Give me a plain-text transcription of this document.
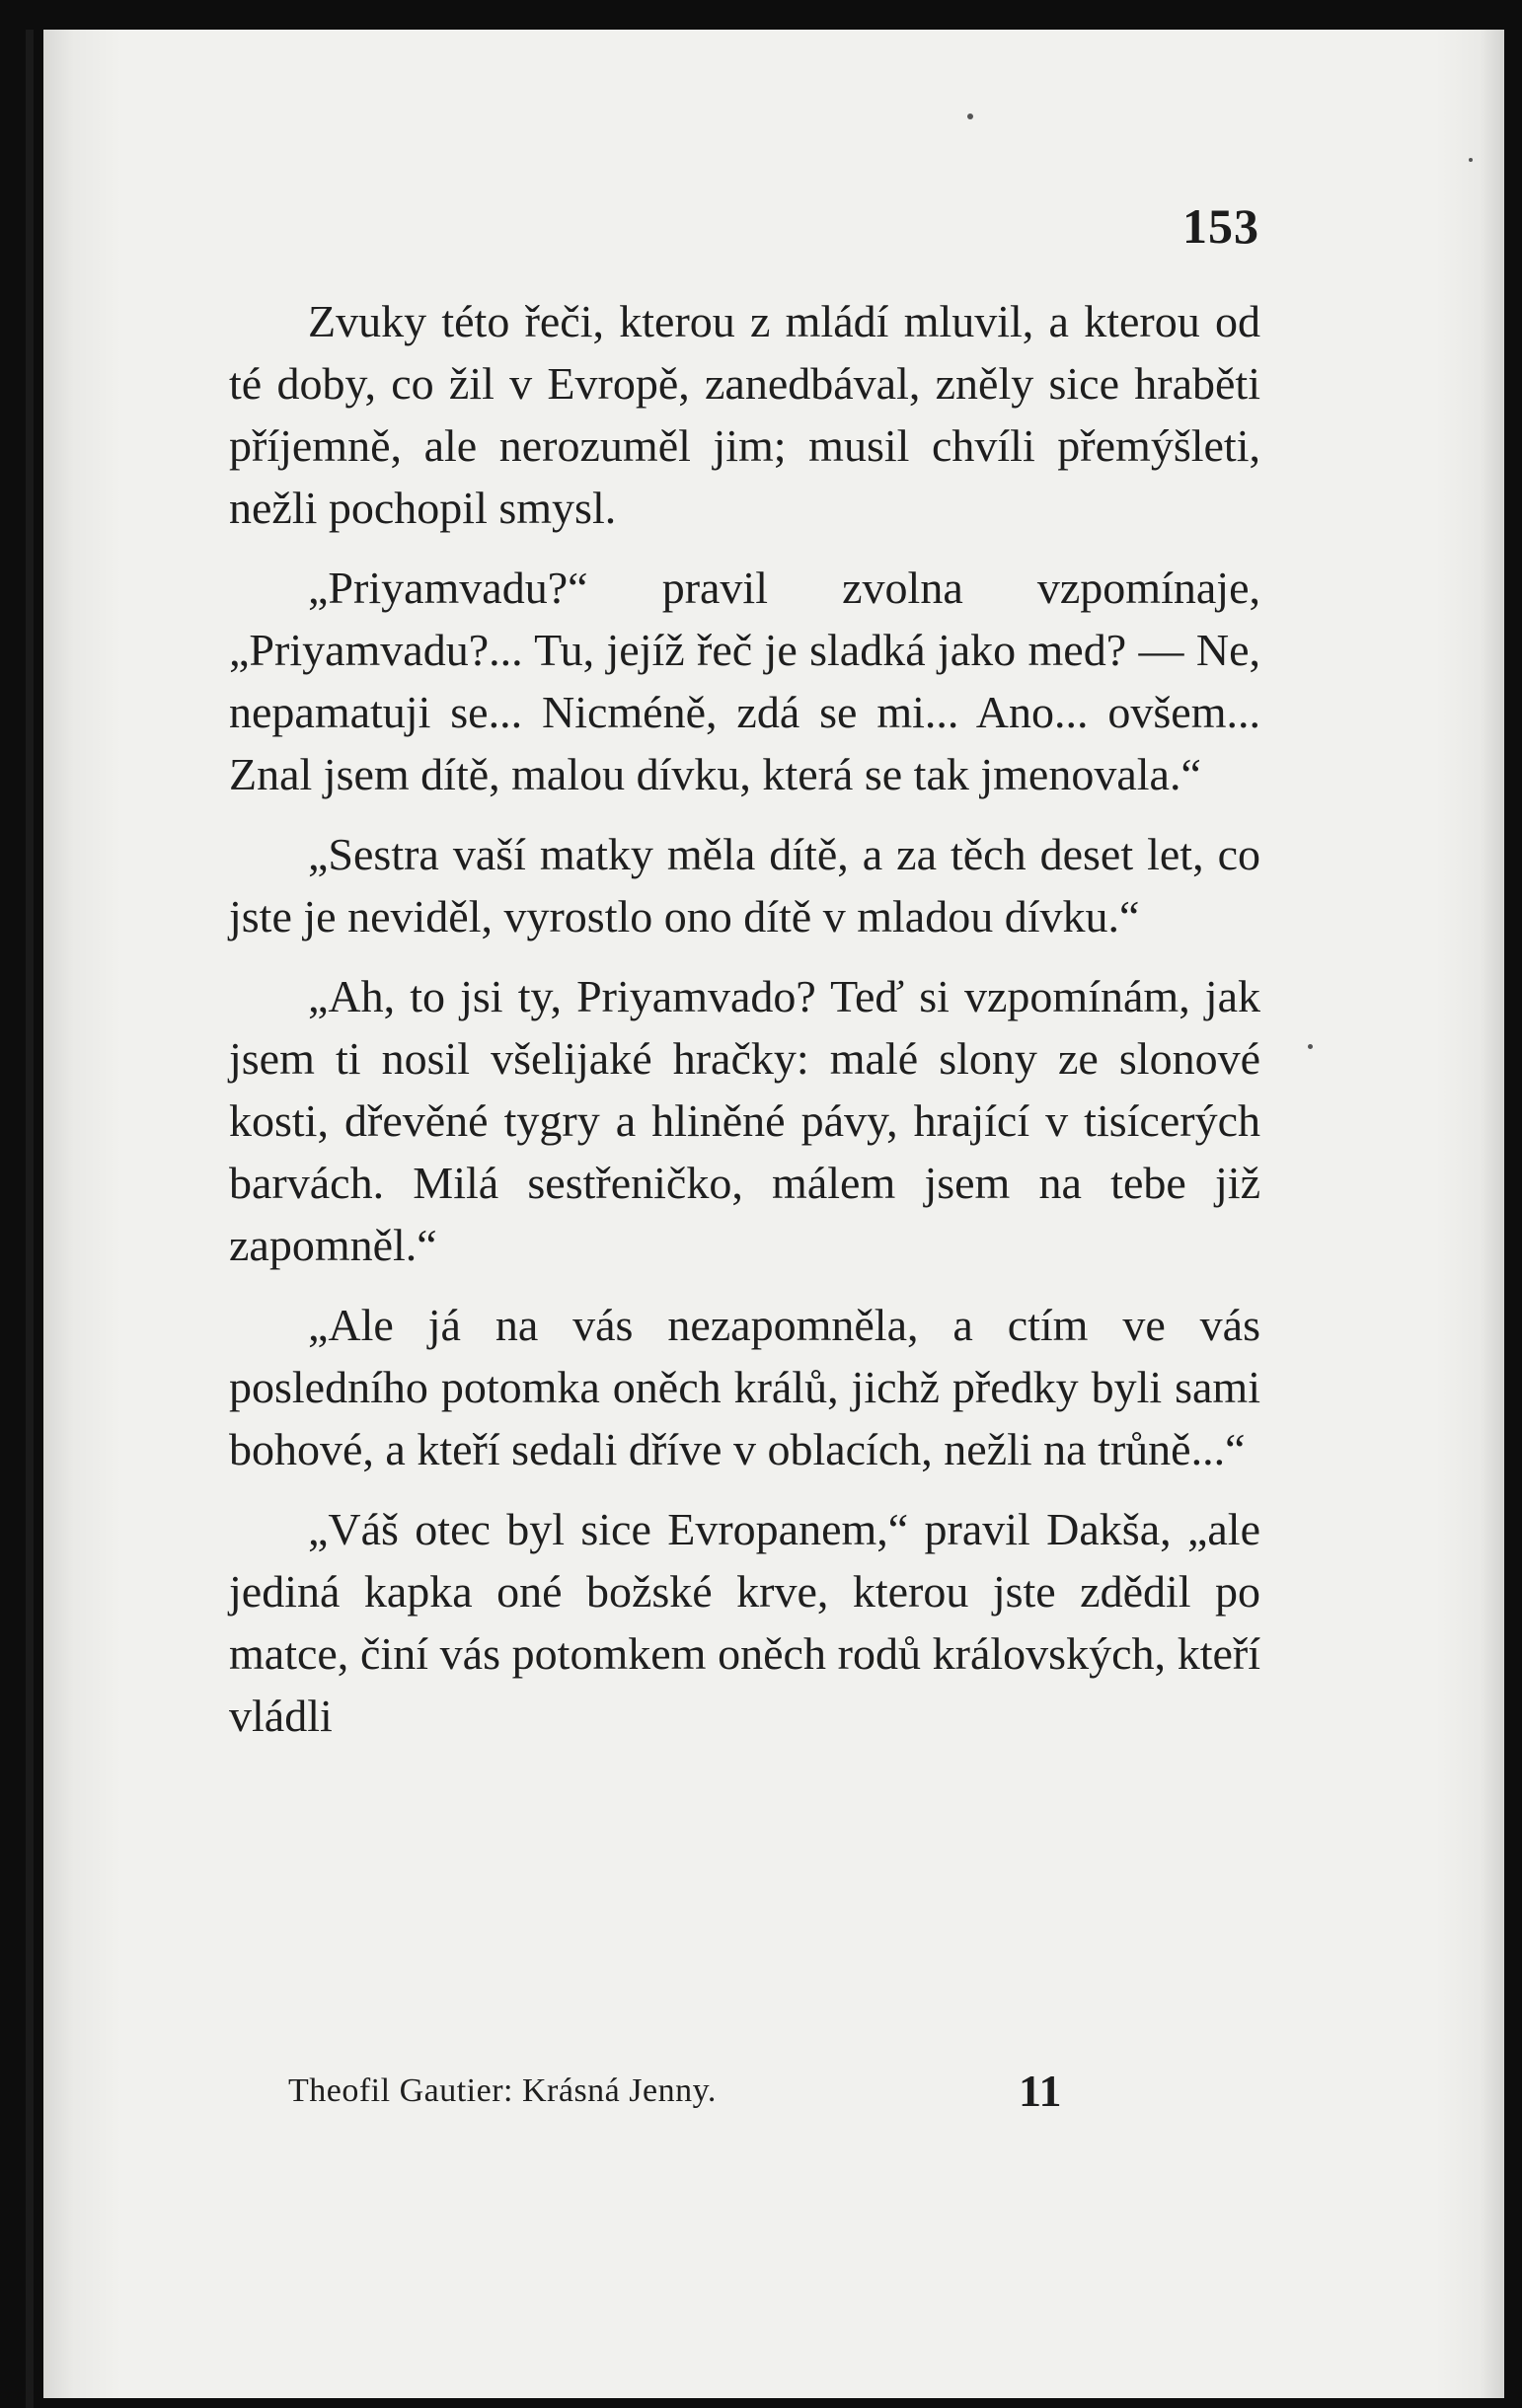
153

Zvuky této řeči, kterou z mládí mluvil, a kterou od té doby, co žil v Evropě, zanedbával, zněly sice hraběti příjemně, ale nerozuměl jim; musil chvíli přemýšleti, nežli pochopil smysl.

„Priyamvadu?“ pravil zvolna vzpomínaje, „Priyamvadu?... Tu, jejíž řeč je sladká jako med? — Ne, nepamatuji se... Nicméně, zdá se mi... Ano... ovšem... Znal jsem dítě, malou dívku, která se tak jmenovala.“

„Sestra vaší matky měla dítě, a za těch deset let, co jste je neviděl, vyrostlo ono dítě v mladou dívku.“

„Ah, to jsi ty, Priyamvado? Teď si vzpomínám, jak jsem ti nosil všelijaké hračky: malé slony ze slonové kosti, dřevěné tygry a hliněné pávy, hrající v tisícerých barvách. Milá sestřeničko, málem jsem na tebe již zapomněl.“

„Ale já na vás nezapomněla, a ctím ve vás posledního potomka oněch králů, jichž předky byli sami bohové, a kteří sedali dříve v oblacích, nežli na trůně...“

„Váš otec byl sice Evropanem,“ pravil Dakša, „ale jediná kapka oné božské krve, kterou jste zdědil po matce, činí vás potomkem oněch rodů královských, kteří vládli

Theofil Gautier: Krásná Jenny.	11
